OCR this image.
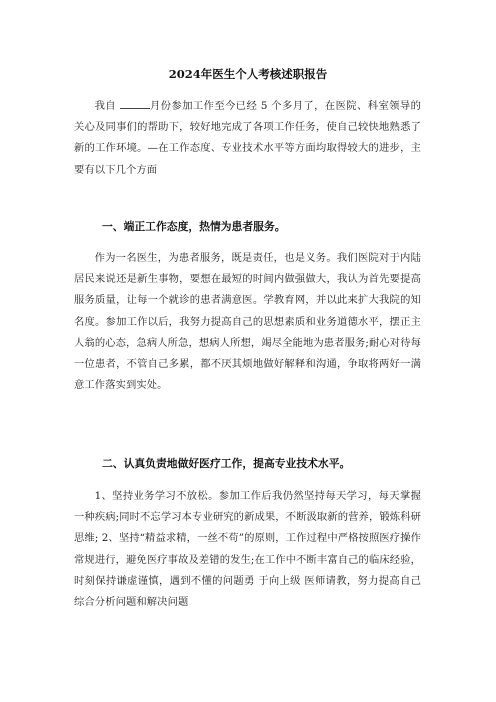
2024年医生个人考核述职报告
我自	月份参加工作至今已经 5 个多月了，在医院、科室领导的关心及同事们的帮助下，较好地完成了各项工作任务，使自己较快地熟悉了新的工作环境。—在工作态度、专业技术水平等方面均取得较大的进步，主要有以下几个方面
一、端正工作态度，热情为患者服务。
作为一名医生，为患者服务，既是责任，也是义务。我们医院对于内陆居民来说还是新生事物，要想在最短的时间内做强做大，我认为首先要提高服务质量，让每一个就诊的患者满意医。学教育网，并以此来扩大我院的知名度。参加工作以后，我努力提高自己的思想素质和业务道德水平，摆正主人翁的心态，急病人所急，想病人所想，竭尽全能地为患者服务;耐心对待每一位患者，不管自己多累，都不厌其烦地做好解释和沟通，争取将两好一满意工作落实到实处。
二、认真负责地做好医疗工作，提高专业技术水平。
1、坚持业务学习不放松。参加工作后我仍然坚持每天学习，每天掌握一种疾病;同时不忘学习本专业研究的新成果，不断汲取新的营养，锻炼科研思维; 2、坚持“精益求精，一丝不苟”的原则，工作过程中严格按照医疗操作常规进行，避免医疗事故及差错的发生;在工作中不断丰富自己的临床经验，时刻保持谦虚谨慎，遇到不懂的问题勇 于向上级 医师请教，努力提高自己综合分析问题和解决问题
